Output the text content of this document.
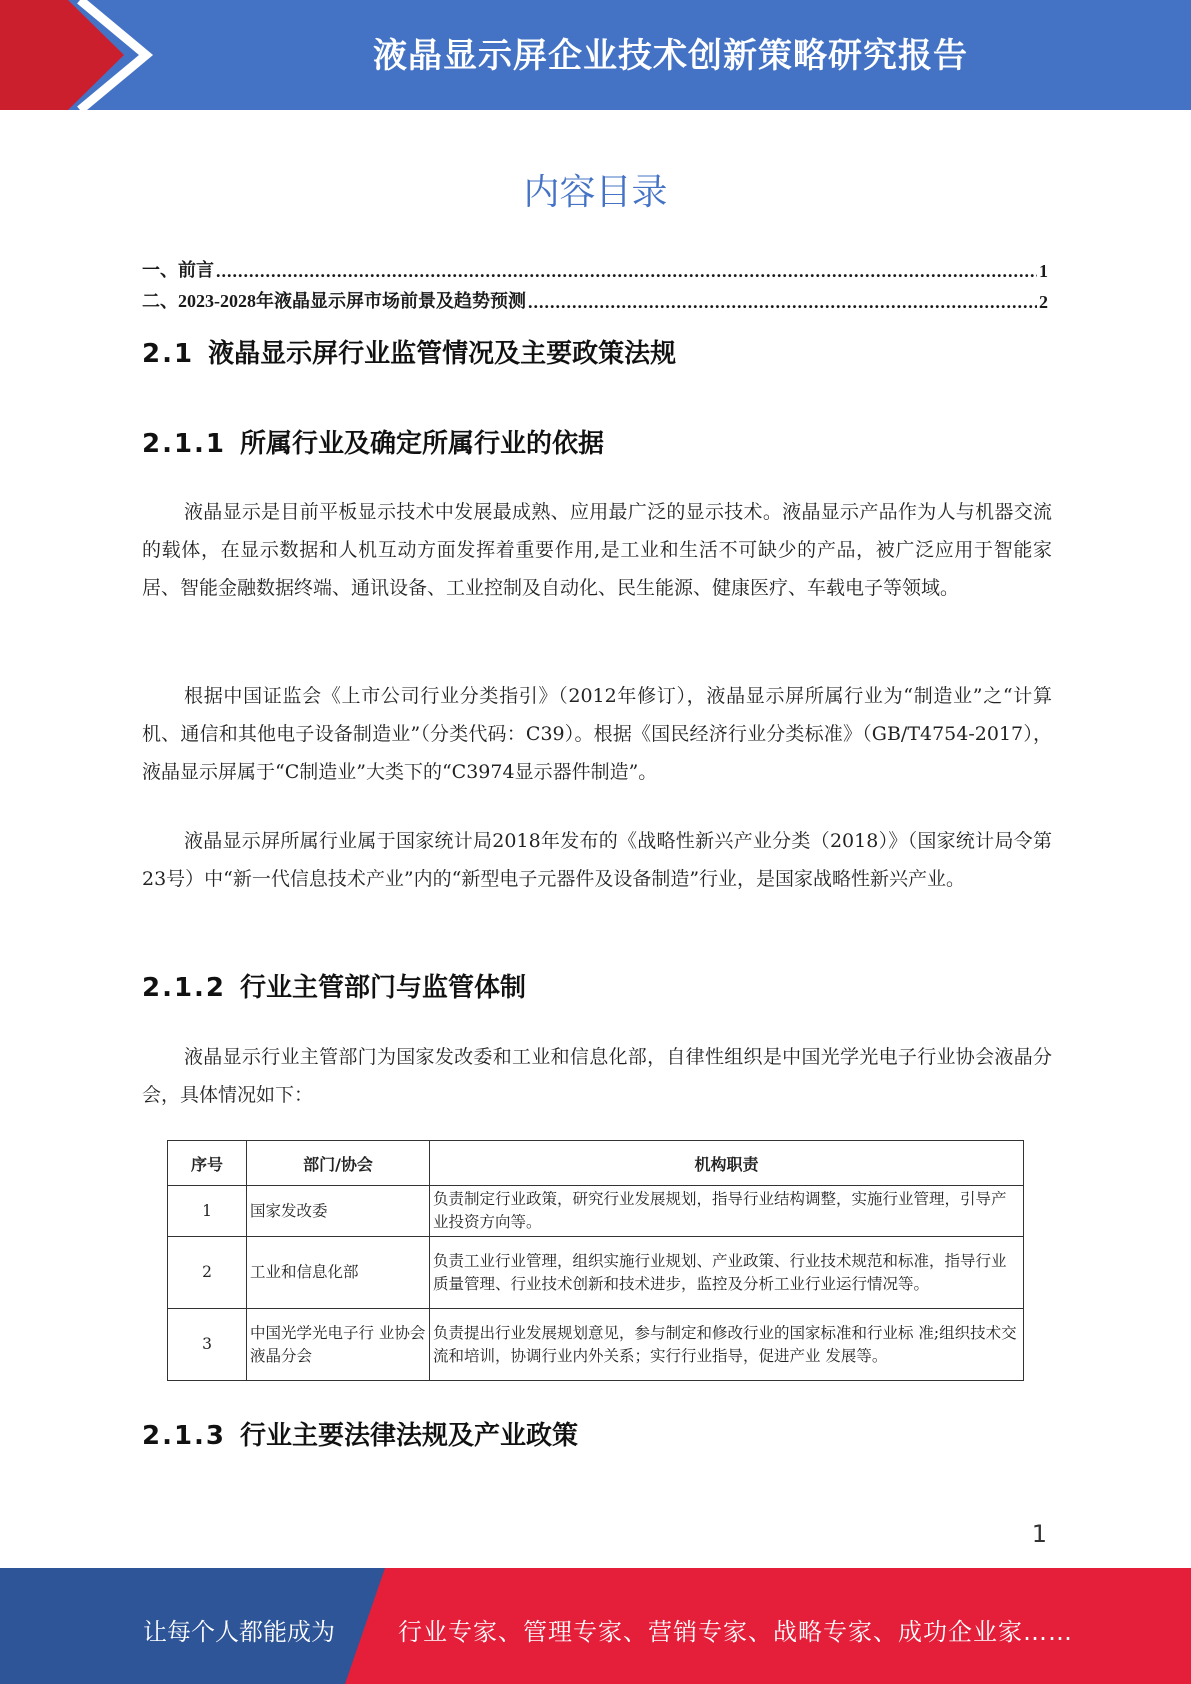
液晶显示屏企业技术创新策略研究报告
内容目录
一、前言 .....	1
二、2023-2028年液晶显示屏市场前景及趋势预测 .....	2
2.1 液晶显示屏行业监管情况及主要政策法规
2.1.1 所属行业及确定所属行业的依据
液晶显示是目前平板显示技术中发展最成熟、应用最广泛的显示技术。液晶显示产品作为人与机器交流的载体，在显示数据和人机互动方面发挥着重要作用,是工业和生活不可缺少的产品，被广泛应用于智能家居、智能金融数据终端、通讯设备、工业控制及自动化、民生能源、健康医疗、车载电子等领域。
根据中国证监会《上市公司行业分类指引》（2012年修订），液晶显示屏所属行业为“制造业”之“计算机、通信和其他电子设备制造业”（分类代码：C39）。根据《国民经济行业分类标准》（GB/T4754-2017），液晶显示屏属于“C制造业”大类下的“C3974显示器件制造”。
液晶显示屏所属行业属于国家统计局2018年发布的《战略性新兴产业分类（2018）》（国家统计局令第23号）中“新一代信息技术产业”内的“新型电子元器件及设备制造”行业，是国家战略性新兴产业。
2.1.2 行业主管部门与监管体制
液晶显示行业主管部门为国家发改委和工业和信息化部，自律性组织是中国光学光电子行业协会液晶分会，具体情况如下：
序号	部门/协会	机构职责
1	国家发改委	负责制定行业政策，研究行业发展规划，指导行业结构调整，实施行业管理，引导产业投资方向等。
2	工业和信息化部	负责工业行业管理，组织实施行业规划、产业政策、行业技术规范和标准，指导行业质量管理、行业技术创新和技术进步，监控及分析工业行业运行情况等。
3	中国光学光电子行 业协会液晶分会	负责提出行业发展规划意见，参与制定和修改行业的国家标准和行业标 准;组织技术交流和培训，协调行业内外关系；实行行业指导，促进产业 发展等。
2.1.3 行业主要法律法规及产业政策
1
让每个人都能成为	行业专家、管理专家、营销专家、战略专家、成功企业家……
